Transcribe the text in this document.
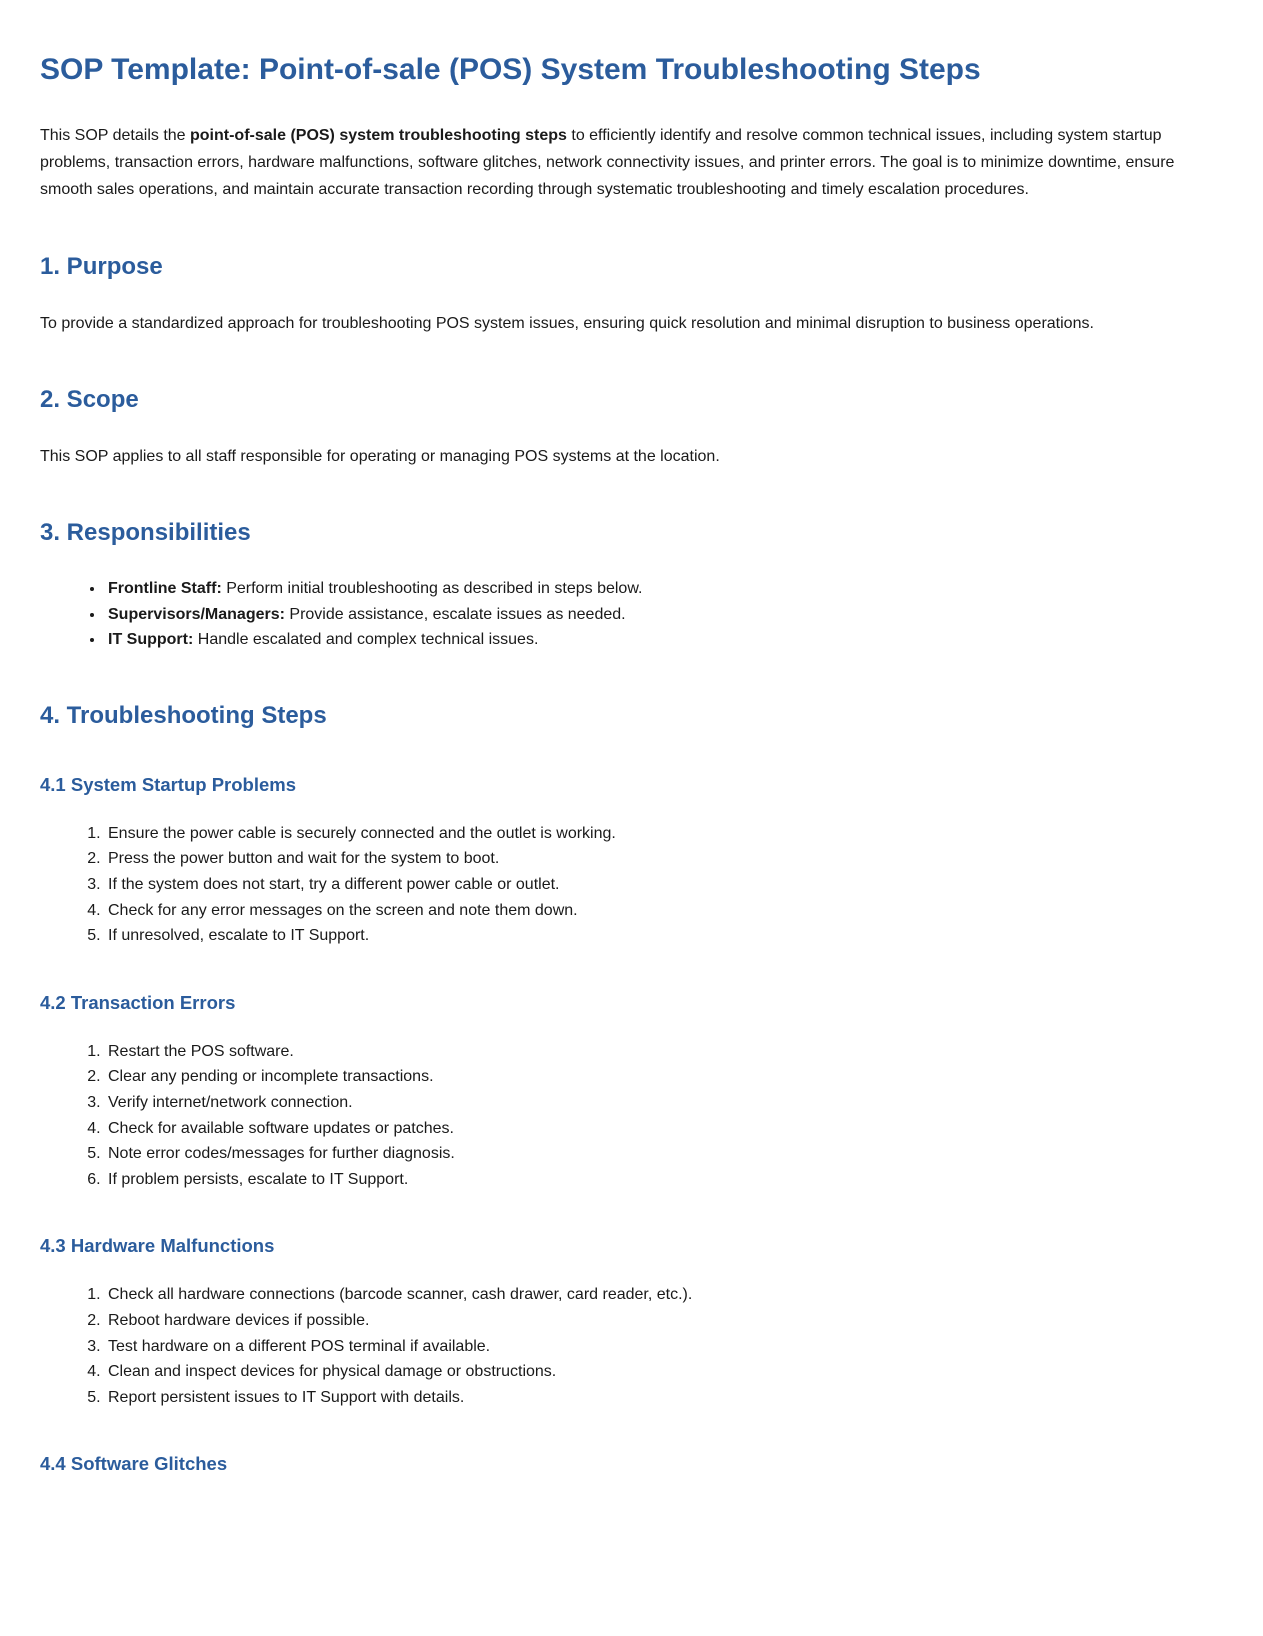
SOP Template: Point-of-sale (POS) System Troubleshooting Steps

This SOP details the point-of-sale (POS) system troubleshooting steps to efficiently identify and resolve common technical issues, including system startup problems, transaction errors, hardware malfunctions, software glitches, network connectivity issues, and printer errors. The goal is to minimize downtime, ensure smooth sales operations, and maintain accurate transaction recording through systematic troubleshooting and timely escalation procedures.

1. Purpose

To provide a standardized approach for troubleshooting POS system issues, ensuring quick resolution and minimal disruption to business operations.

2. Scope

This SOP applies to all staff responsible for operating or managing POS systems at the location.

3. Responsibilities
• Frontline Staff: Perform initial troubleshooting as described in steps below.
• Supervisors/Managers: Provide assistance, escalate issues as needed.
• IT Support: Handle escalated and complex technical issues.
4. Troubleshooting Steps
4.1 System Startup Problems
1. Ensure the power cable is securely connected and the outlet is working.
2. Press the power button and wait for the system to boot.
3. If the system does not start, try a different power cable or outlet.
4. Check for any error messages on the screen and note them down.
5. If unresolved, escalate to IT Support.
4.2 Transaction Errors
1. Restart the POS software.
2. Clear any pending or incomplete transactions.
3. Verify internet/network connection.
4. Check for available software updates or patches.
5. Note error codes/messages for further diagnosis.
6. If problem persists, escalate to IT Support.
4.3 Hardware Malfunctions
1. Check all hardware connections (barcode scanner, cash drawer, card reader, etc.).
2. Reboot hardware devices if possible.
3. Test hardware on a different POS terminal if available.
4. Clean and inspect devices for physical damage or obstructions.
5. Report persistent issues to IT Support with details.
4.4 Software Glitches
